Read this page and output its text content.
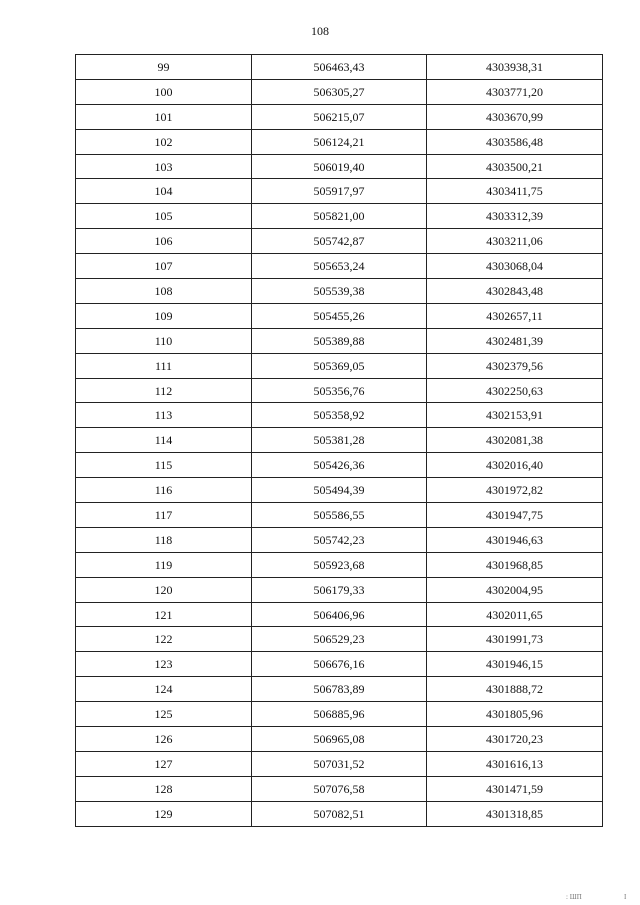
108
99	506463,43	4303938,31
100	506305,27	4303771,20
101	506215,07	4303670,99
102	506124,21	4303586,48
103	506019,40	4303500,21
104	505917,97	4303411,75
105	505821,00	4303312,39
106	505742,87	4303211,06
107	505653,24	4303068,04
108	505539,38	4302843,48
109	505455,26	4302657,11
110	505389,88	4302481,39
111	505369,05	4302379,56
112	505356,76	4302250,63
113	505358,92	4302153,91
114	505381,28	4302081,38
115	505426,36	4302016,40
116	505494,39	4301972,82
117	505586,55	4301947,75
118	505742,23	4301946,63
119	505923,68	4301968,85
120	506179,33	4302004,95
121	506406,96	4302011,65
122	506529,23	4301991,73
123	506676,16	4301946,15
124	506783,89	4301888,72
125	506885,96	4301805,96
126	506965,08	4301720,23
127	507031,52	4301616,13
128	507076,58	4301471,59
129	507082,51	4301318,85
: ШП	I
